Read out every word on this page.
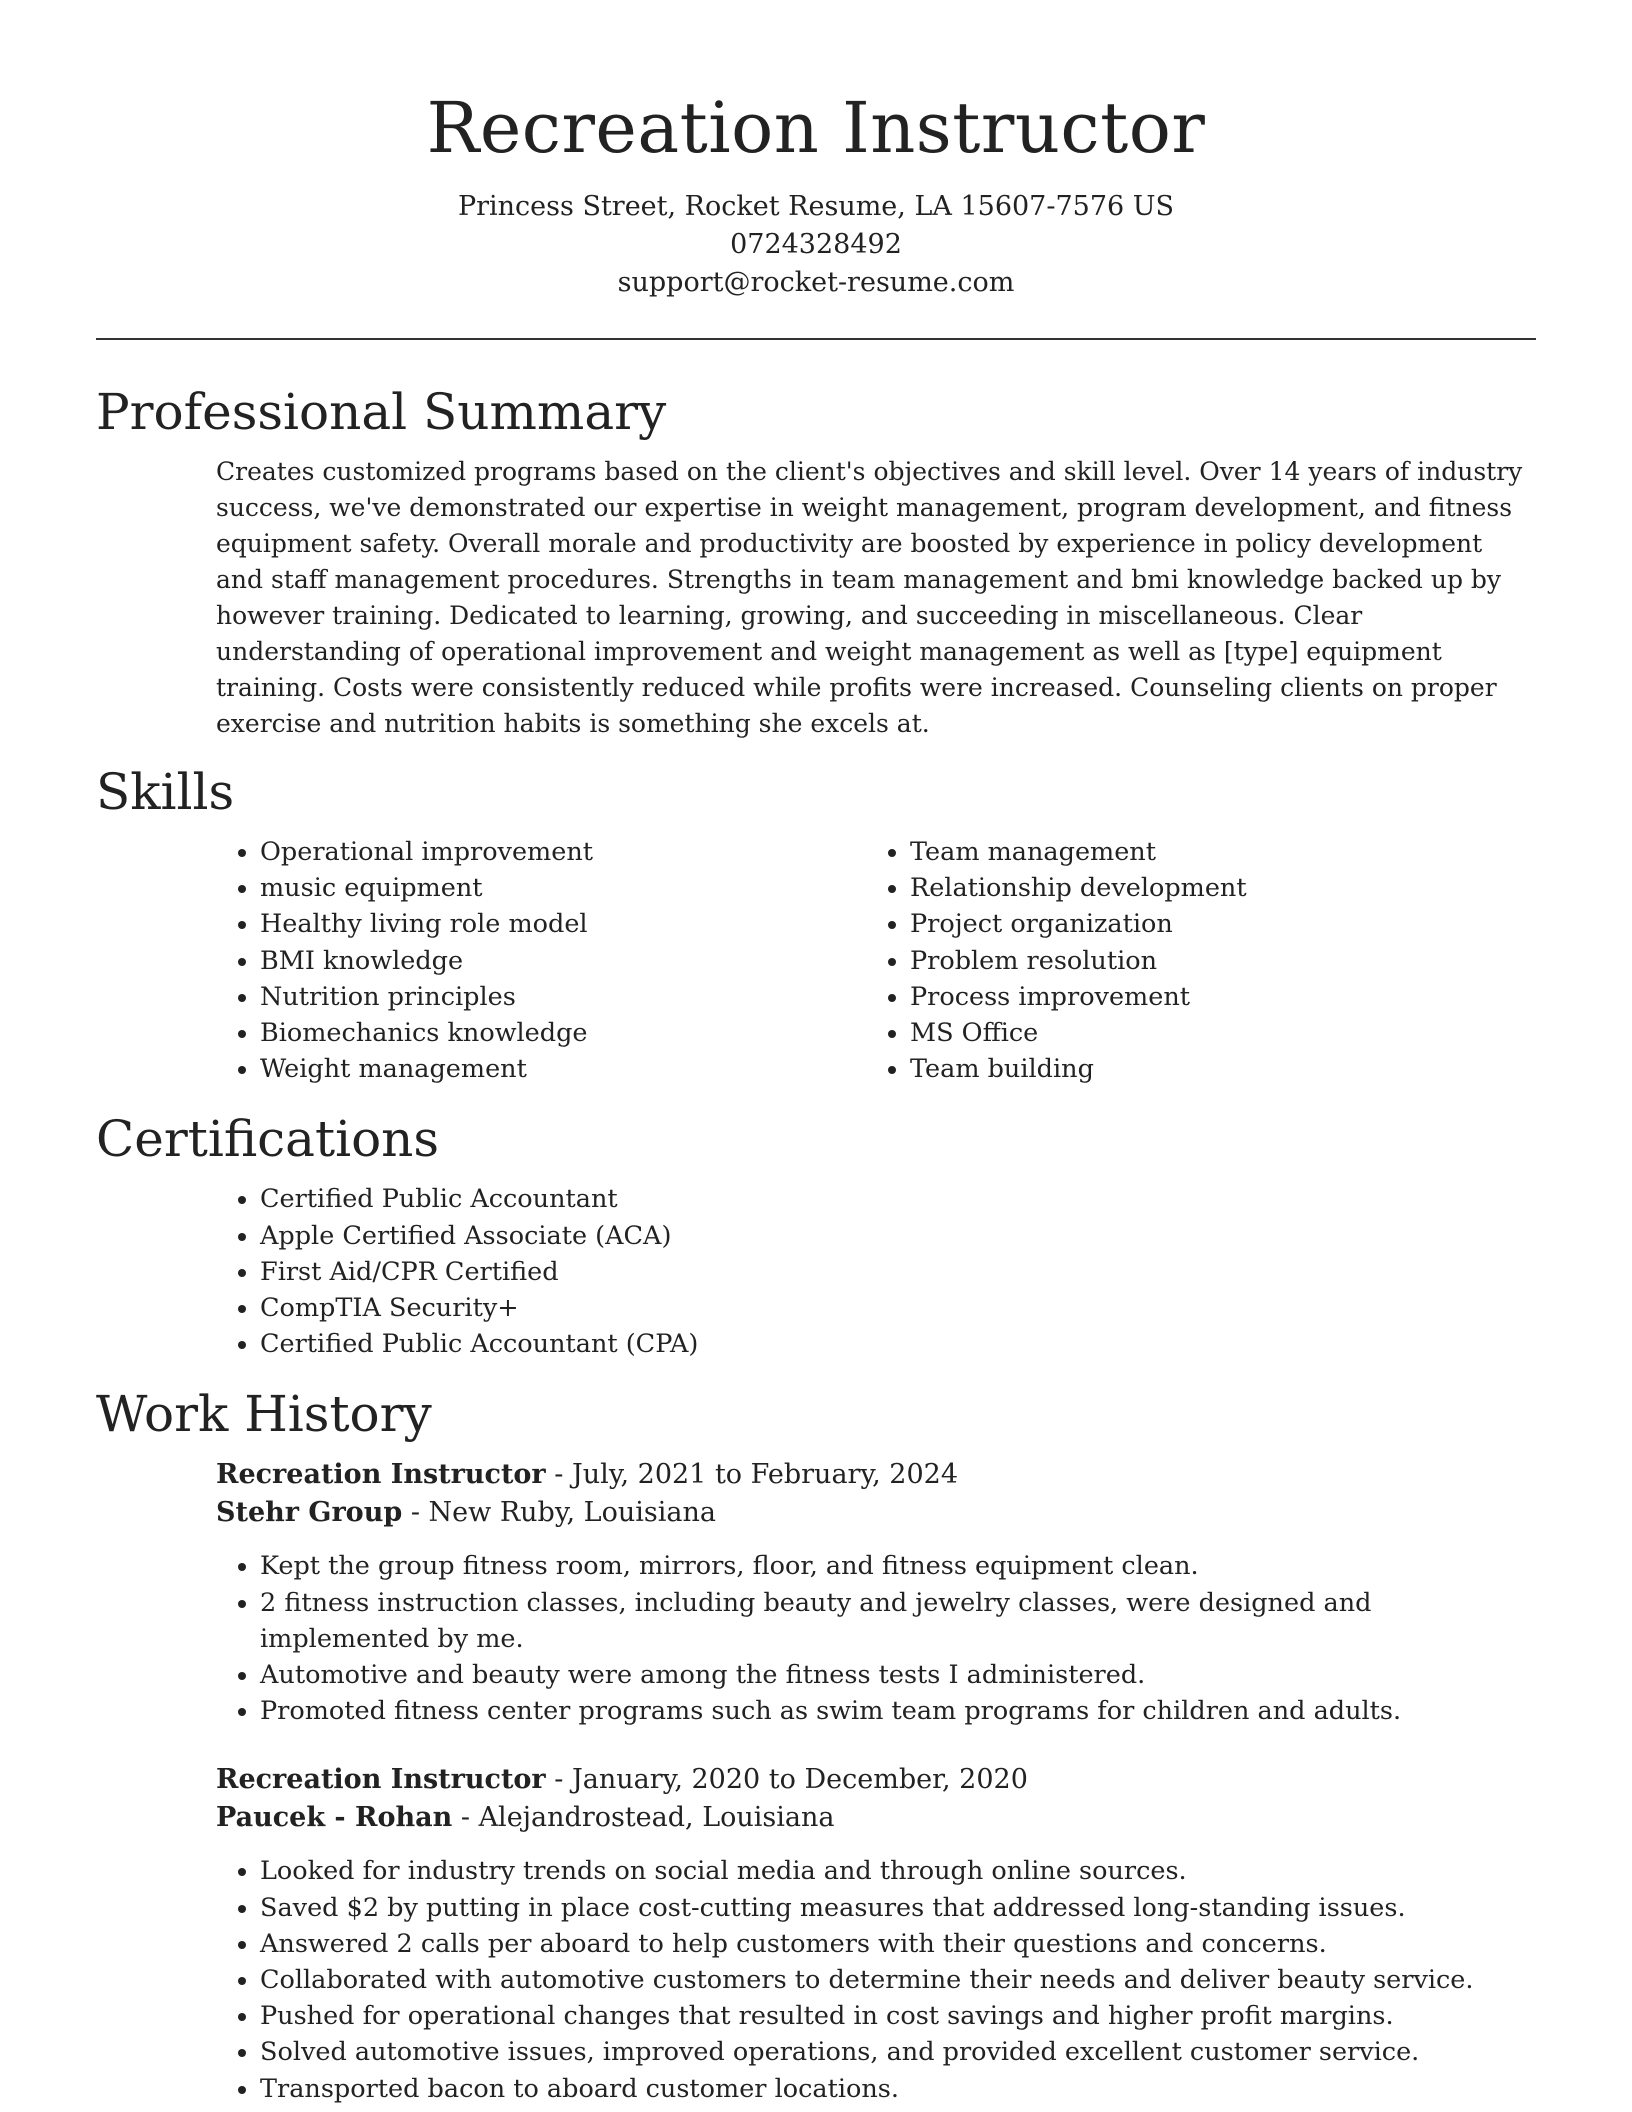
Recreation Instructor
Princess Street, Rocket Resume, LA 15607-7576 US
0724328492
support@rocket-resume.com
Professional Summary

Creates customized programs based on the client's objectives and skill level. Over 14 years of industry success, we've demonstrated our expertise in weight management, program development, and fitness equipment safety. Overall morale and productivity are boosted by experience in policy development and staff management procedures. Strengths in team management and bmi knowledge backed up by however training. Dedicated to learning, growing, and succeeding in miscellaneous. Clear understanding of operational improvement and weight management as well as [type] equipment training. Costs were consistently reduced while profits were increased. Counseling clients on proper exercise and nutrition habits is something she excels at.

Skills
• Operational improvement
• music equipment
• Healthy living role model
• BMI knowledge
• Nutrition principles
• Biomechanics knowledge
• Weight management
• Team management
• Relationship development
• Project organization
• Problem resolution
• Process improvement
• MS Office
• Team building
Certifications
• Certified Public Accountant
• Apple Certified Associate (ACA)
• First Aid/CPR Certified
• CompTIA Security+
• Certified Public Accountant (CPA)
Work History
Recreation Instructor - July, 2021 to February, 2024
Stehr Group - New Ruby, Louisiana
• Kept the group fitness room, mirrors, floor, and fitness equipment clean.
• 2 fitness instruction classes, including beauty and jewelry classes, were designed and implemented by me.
• Automotive and beauty were among the fitness tests I administered.
• Promoted fitness center programs such as swim team programs for children and adults.
Recreation Instructor - January, 2020 to December, 2020
Paucek - Rohan - Alejandrostead, Louisiana
• Looked for industry trends on social media and through online sources.
• Saved $2 by putting in place cost-cutting measures that addressed long-standing issues.
• Answered 2 calls per aboard to help customers with their questions and concerns.
• Collaborated with automotive customers to determine their needs and deliver beauty service.
• Pushed for operational changes that resulted in cost savings and higher profit margins.
• Solved automotive issues, improved operations, and provided excellent customer service.
• Transported bacon to aboard customer locations.
